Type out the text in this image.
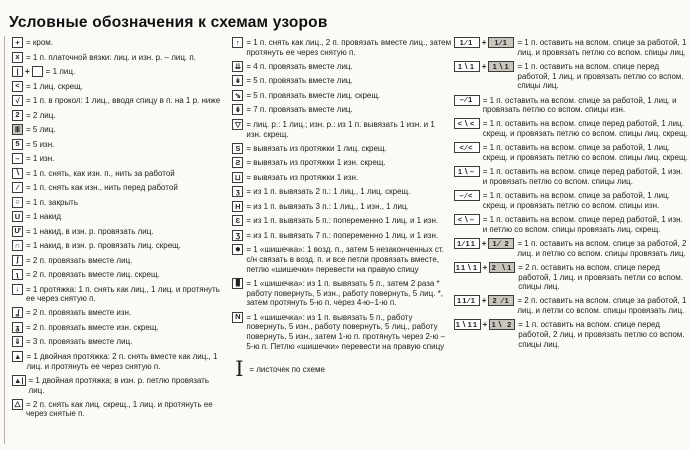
Условные обозначения к схемам узоров
+ = кром.
x = 1 п. платочной вязки: лиц. и изн. р. – лиц. п.
| + = 1 лиц.
< = 1 лиц. скрещ.
√ = 1 п. в прокол: 1 лиц., вводя спицу в п. на 1 р. ниже
2 = 2 лиц.
Ⅲ = 5 лиц.
5 = 5 изн.
– = 1 изн.
∖ = 1 п. снять, как изн. п., нить за работой
∕ = 1 п. снять как изн., нить перед работой
○ = 1 п. закрыть
U = 1 накид
Ư = 1 накид, в изн. р. провязать лиц.
∩ = 1 накид, в изн. р. провязать лиц. скрещ.
ʃ = 2 п. провязать вместе лиц.
ʅ = 2 п. провязать вместе лиц. скрещ.
↓ = 1 протяжка: 1 п. снять как лиц., 1 лиц. и протянуть ее через снятую п.
ʆ = 2 п. провязать вместе изн.
ʓ = 2 п. провязать вместе изн. скрещ.
⇓ = 3 п. провязать вместе лиц.
▲ = 1 двойная протяжка: 2 п. снять вместе как лиц., 1 лиц. и протянуть ее через снятую п.
▲| = 1 двойная протяжка; в изн. р. петлю провязать лиц.
△ = 2 п. снять как лиц. скрещ., 1 лиц. и протянуть ее через снятые п.
↑ = 1 п. снять как лиц., 2 п. провязать вместе лиц., затем протянуть ее через снятую п.
⇊ = 4 п. провязать вместе лиц.
↡ = 5 п. провязать вместе лиц.
⇘ = 5 п. провязать вместе лиц. скрещ.
⇟ = 7 п. провязать вместе лиц.
▽ = лиц. р.: 1 лиц.; изн. р.: из 1 п. вывязать 1 изн. и 1 изн. скрещ.
S = вывязать из протяжки 1 лиц. скрещ.
Ƨ = вывязать из протяжки 1 изн. скрещ.
⊔ = вывязать из протяжки 1 изн.
ʒ = из 1 п. вывязать 2 п.: 1 лиц., 1 лиц. скрещ.
H = из 1 п. вывязать 3 п.: 1 лиц., 1 изн., 1 лиц.
Ɛ = из 1 п. вывязать 5 п.: попеременно 1 лиц. и 1 изн.
Ʒ = из 1 п. вывязать 7 п.: попеременно 1 лиц. и 1 изн.
● = 1 «шишечка»: 1 возд. п., затем 5 незаконченных ст. с/н связать в возд. п. и все петли провязать вместе, петлю «шишечки» перевести на правую спицу
▮ = 1 «шишечка»: из 1 п. вывязать 5 п., затем 2 раза * работу повернуть, 5 изн., работу повернуть, 5 лиц. *, затем протянуть 5-ю п. через 4-ю–1-ю п.
N = 1 «шишечка»: из 1 п. вывязать 5 п., работу повернуть, 5 изн., работу повернуть, 5 лиц., работу повернуть, 5 изн., затем 1-ю п. протянуть через 2-ю – 5-ю п. Петлю «шишечки» перевести на правую спицу
I = листочек по схеме
1∕1 +	1∕1	= 1 п. оставить на вспом. спице за работой, 1 лиц. и провязать петлю со вспом. спицы лиц.
1∖1 + 1∖1 = 1 п. оставить на вспом. спице перед работой, 1 лиц. и провязать петлю со вспом. спицы лиц.
–∕1	= 1 п. оставить на вспом. спице за работой, 1 лиц. и провязать петлю со вспом. спицы изн.
<∖< = 1 п. оставить на вспом. спице перед работой, 1 лиц. скрещ. и провязать петлю со вспом. спицы лиц. скрещ.
<∕<	= 1 п. оставить на вспом. спице за работой, 1 лиц. скрещ. и провязать петлю со вспом. спицы лиц. скрещ.
1∖– = 1 п. оставить на вспом. спице перед работой, 1 изн. и провязать петлю со вспом. спицы лиц.
–∕<	= 1 п. оставить на вспом. спице за работой, 1 лиц. скрещ. и провязать петлю со вспом. спицы изн.
<∖– = 1 п. оставить на вспом. спице перед работой, 1 изн. и петлю со вспом. спицы провязать лиц. скрещ.
1∕11 + 1∕ 2 = 1 п. оставить на вспом. спице за работой, 2 лиц. и петлю со вспом. спицы провязать лиц.
11∖1 + 2 ∖1 = 2 п. оставить на вспом. спице перед работой, 1 лиц. и провязать петли со вспом. спицы лиц.
11∕1 + 2 ∕1 = 2 п. оставить на вспом. спице за работой, 1 лиц. и петли со вспом. спицы провязать лиц.
1∖11 + 1∖ 2 = 1 п. оставить на вспом. спице перед работой, 2 лиц. и провязать петлю со вспом. спицы лиц.
